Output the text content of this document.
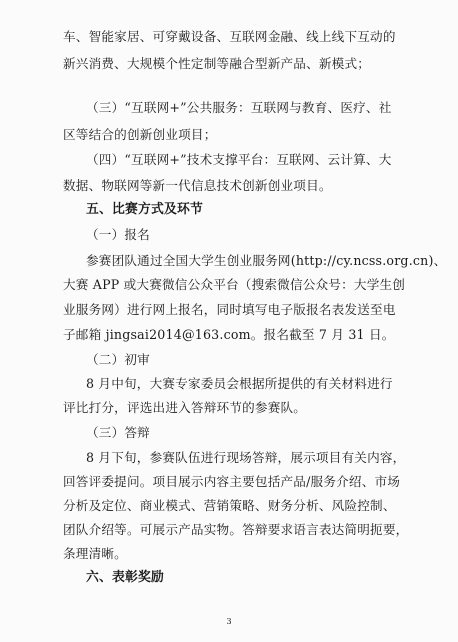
车、智能家居、可穿戴设备、互联网金融、线上线下互动的
新兴消费、大规模个性定制等融合型新产品、新模式；
（三）“互联网+”公共服务：互联网与教育、医疗、社
区等结合的创新创业项目；
（四）“互联网+”技术支撑平台：互联网、云计算、大
数据、物联网等新一代信息技术创新创业项目。
五、比赛方式及环节
（一）报名
参赛团队通过全国大学生创业服务网(http://cy.ncss.org.cn)、
大赛 APP 或大赛微信公众平台（搜索微信公众号：大学生创
业服务网）进行网上报名，同时填写电子版报名表发送至电
子邮箱 jingsai2014@163.com。报名截至 7 月 31 日。
（二）初审
8 月中旬，大赛专家委员会根据所提供的有关材料进行
评比打分，评选出进入答辩环节的参赛队。
（三）答辩
8 月下旬，参赛队伍进行现场答辩，展示项目有关内容，
回答评委提问。项目展示内容主要包括产品/服务介绍、市场
分析及定位、商业模式、营销策略、财务分析、风险控制、
团队介绍等。可展示产品实物。答辩要求语言表达简明扼要，
条理清晰。
六、表彰奖励
3
